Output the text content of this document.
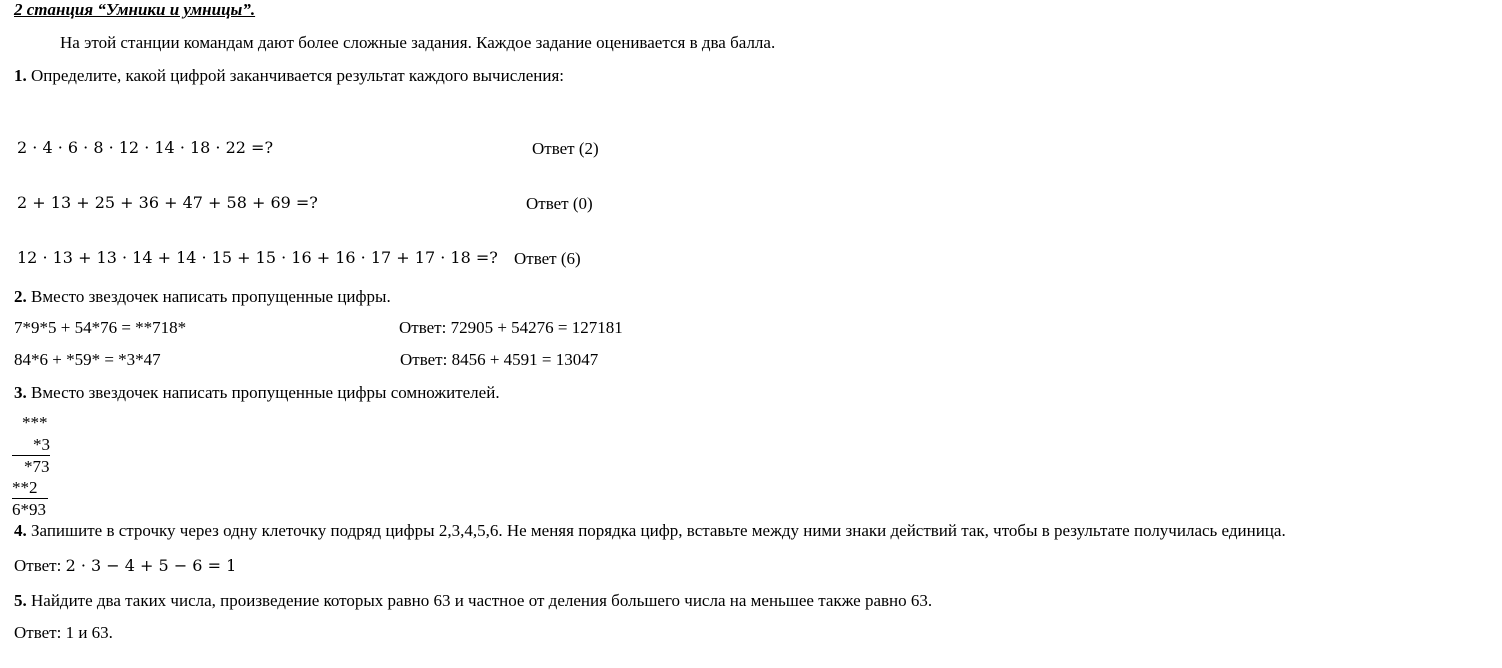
2 станция “Умники и умницы”.
На этой станции командам дают более сложные задания. Каждое задание оценивается в два балла.
1. Определите, какой цифрой заканчивается результат каждого вычисления:
2 · 4 · 6 · 8 · 12 · 14 · 18 · 22 =?	Ответ (2)
2 + 13 + 25 + 36 + 47 + 58 + 69 =?	Ответ (0)
12 · 13 + 13 · 14 + 14 · 15 + 15 · 16 + 16 · 17 + 17 · 18 =? Ответ (6)
2. Вместо звездочек написать пропущенные цифры.
7*9*5 + 54*76 = **718*	Ответ: 72905 + 54276 = 127181
84*6 + *59* = *3*47	Ответ: 8456 + 4591 = 13047
3. Вместо звездочек написать пропущенные цифры сомножителей.
***
*3
*73
**2
6*93
4. Запишите в строчку через одну клеточку подряд цифры 2,3,4,5,6. Не меняя порядка цифр, вставьте между ними знаки действий так, чтобы в результате получилась единица.
Ответ: 2 · 3 − 4 + 5 − 6 = 1
5. Найдите два таких числа, произведение которых равно 63 и частное от деления большего числа на меньшее также равно 63.
Ответ: 1 и 63.
